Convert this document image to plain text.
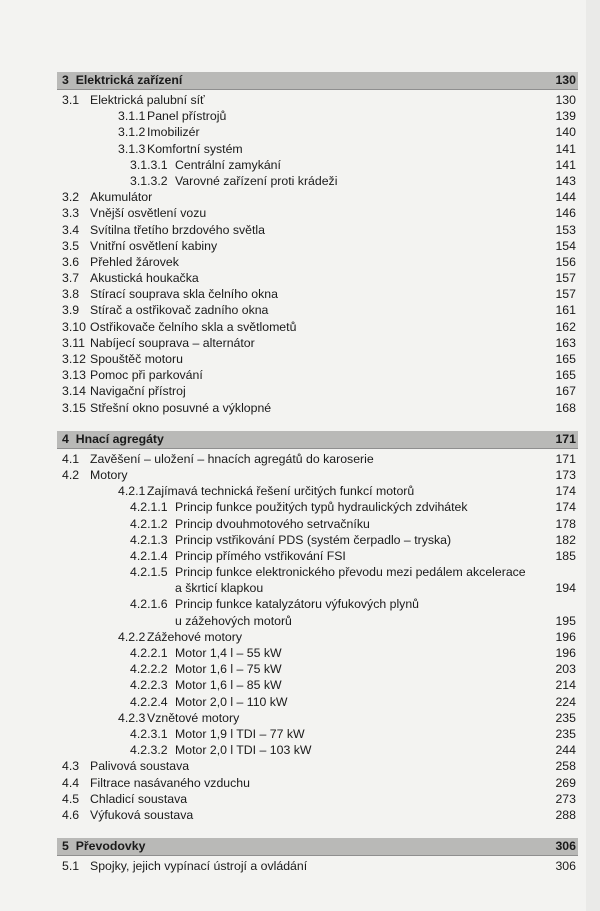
3 Elektrická zařízení	130
3.1 Elektrická palubní síť	130
3.1.1 Panel přístrojů	139
3.1.2 Imobilizér	140
3.1.3 Komfortní systém	141
3.1.3.1 Centrální zamykání	141
3.1.3.2 Varovné zařízení proti krádeži	143
3.2 Akumulátor	144
3.3 Vnější osvětlení vozu	146
3.4 Svítilna třetího brzdového světla	153
3.5 Vnitřní osvětlení kabiny	154
3.6 Přehled žárovek	156
3.7 Akustická houkačka	157
3.8 Stírací souprava skla čelního okna	157
3.9 Stírač a ostřikovač zadního okna	161
3.10 Ostřikovače čelního skla a světlometů	162
3.11 Nabíjecí souprava – alternátor	163
3.12 Spouštěč motoru	165
3.13 Pomoc při parkování	165
3.14 Navigační přístroj	167
3.15 Střešní okno posuvné a výklopné	168
4 Hnací agregáty	171
4.1 Zavěšení – uložení – hnacích agregátů do karoserie	171
4.2 Motory	173
4.2.1 Zajímavá technická řešení určitých funkcí motorů	174
4.2.1.1 Princip funkce použitých typů hydraulických zdvihátek	174
4.2.1.2 Princip dvouhmotového setrvačníku	178
4.2.1.3 Princip vstřikování PDS (systém čerpadlo – tryska)	182
4.2.1.4 Princip přímého vstřikování FSI	185
4.2.1.5 Princip funkce elektronického převodu mezi pedálem akcelerace
a škrticí klapkou	194
4.2.1.6 Princip funkce katalyzátoru výfukových plynů
u zážehových motorů	195
4.2.2 Zážehové motory	196
4.2.2.1 Motor 1,4 l – 55 kW	196
4.2.2.2 Motor 1,6 l – 75 kW	203
4.2.2.3 Motor 1,6 l – 85 kW	214
4.2.2.4 Motor 2,0 l – 110 kW	224
4.2.3 Vznětové motory	235
4.2.3.1 Motor 1,9 l TDI – 77 kW	235
4.2.3.2 Motor 2,0 l TDI – 103 kW	244
4.3 Palivová soustava	258
4.4 Filtrace nasávaného vzduchu	269
4.5 Chladicí soustava	273
4.6 Výfuková soustava	288
5 Převodovky	306
5.1 Spojky, jejich vypínací ústrojí a ovládání	306
